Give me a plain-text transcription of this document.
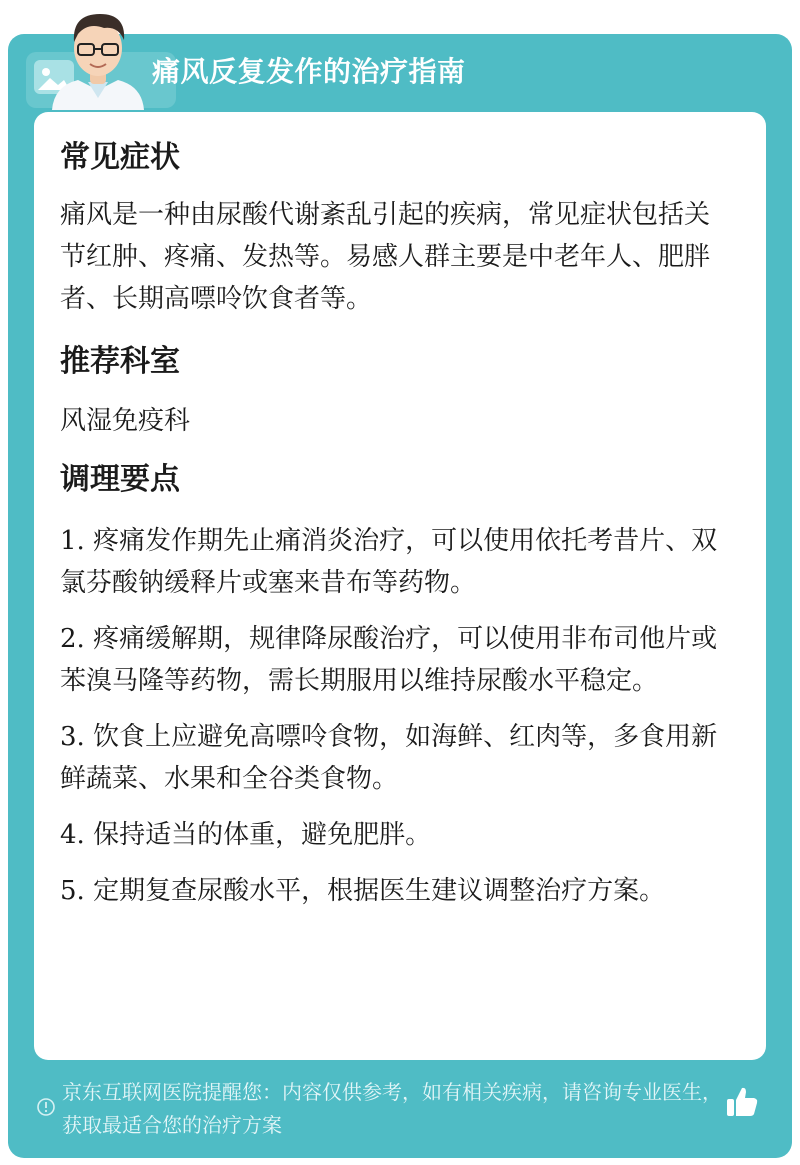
痛风反复发作的治疗指南
常见症状

痛风是一种由尿酸代谢紊乱引起的疾病，常见症状包括关节红肿、疼痛、发热等。易感人群主要是中老年人、肥胖者、长期高嘌呤饮食者等。

推荐科室

风湿免疫科

调理要点

1. 疼痛发作期先止痛消炎治疗，可以使用依托考昔片、双氯芬酸钠缓释片或塞来昔布等药物。

2. 疼痛缓解期，规律降尿酸治疗，可以使用非布司他片或苯溴马隆等药物，需长期服用以维持尿酸水平稳定。

3. 饮食上应避免高嘌呤食物，如海鲜、红肉等，多食用新鲜蔬菜、水果和全谷类食物。

4. 保持适当的体重，避免肥胖。

5. 定期复查尿酸水平，根据医生建议调整治疗方案。

京东互联网医院提醒您：内容仅供参考，如有相关疾病，请咨询专业医生，获取最适合您的治疗方案
